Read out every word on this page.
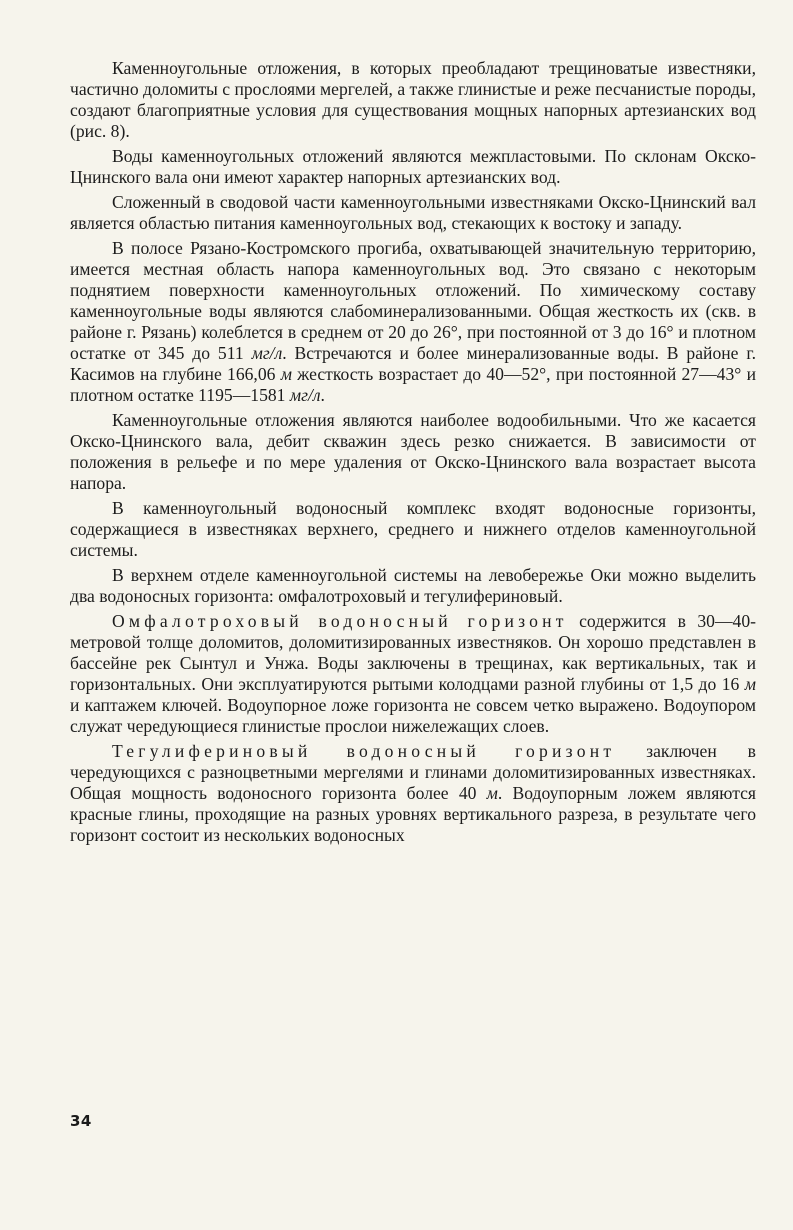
Каменноугольные отложения, в которых преобладают трещиноватые известняки, частично доломиты с прослоями мергелей, а также глинистые и реже песчанистые породы, создают благоприятные условия для существования мощных напорных артезианских вод (рис. 8).

Воды каменноугольных отложений являются межпластовыми. По склонам Окско-Цнинского вала они имеют характер напорных артезианских вод.

Сложенный в сводовой части каменноугольными известняками Окско-Цнинский вал является областью питания каменноугольных вод, стекающих к востоку и западу.

В полосе Рязано-Костромского прогиба, охватывающей значительную территорию, имеется местная область напора каменноугольных вод. Это связано с некоторым поднятием поверхности каменноугольных отложений. По химическому составу каменноугольные воды являются слабоминерализованными. Общая жесткость их (скв. в районе г. Рязань) колеблется в среднем от 20 до 26°, при постоянной от 3 до 16° и плотном остатке от 345 до 511 мг/л. Встречаются и более минерализованные воды. В районе г. Касимов на глубине 166,06 м жесткость возрастает до 40—52°, при постоянной 27—43° и плотном остатке 1195—1581 мг/л.

Каменноугольные отложения являются наиболее водообильными. Что же касается Окско-Цнинского вала, дебит скважин здесь резко снижается. В зависимости от положения в рельефе и по мере удаления от Окско-Цнинского вала возрастает высота напора.

В каменноугольный водоносный комплекс входят водоносные горизонты, содержащиеся в известняках верхнего, среднего и нижнего отделов каменноугольной системы.

В верхнем отделе каменноугольной системы на левобережье Оки можно выделить два водоносных горизонта: омфалотроховый и тегулифериновый.

Омфалотроховый водоносный горизонт содержится в 30—40-метровой толще доломитов, доломитизированных известняков. Он хорошо представлен в бассейне рек Сынтул и Унжа. Воды заключены в трещинах, как вертикальных, так и горизонтальных. Они эксплуатируются рытыми колодцами разной глубины от 1,5 до 16 м и каптажем ключей. Водоупорное ложе горизонта не совсем четко выражено. Водоупором служат чередующиеся глинистые прослои нижележащих слоев.

Тегулифериновый водоносный горизонт заключен в чередующихся с разноцветными мергелями и глинами доломитизированных известняках. Общая мощность водоносного горизонта более 40 м. Водоупорным ложем являются красные глины, проходящие на разных уровнях вертикального разреза, в результате чего горизонт состоит из нескольких водоносных

34
